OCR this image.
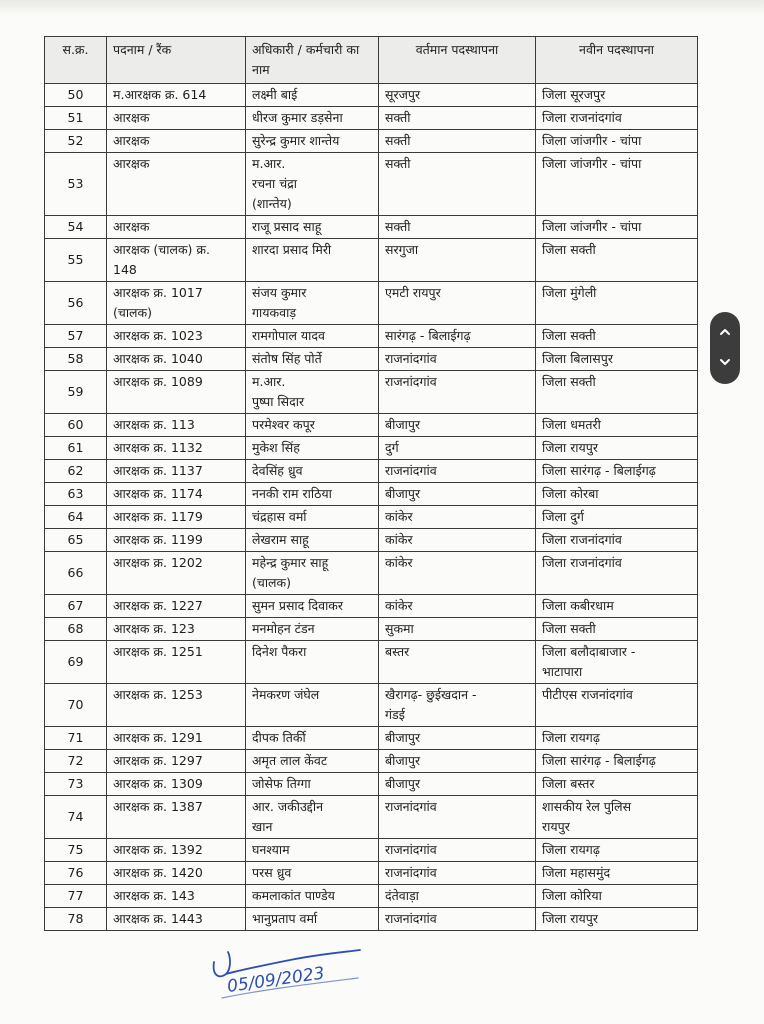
स.क्र.	पदनाम / रैंक	अधिकारी / कर्मचारी का नाम	वर्तमान पदस्थापना	नवीन पदस्थापना
50	म.आरक्षक क्र. 614	लक्ष्मी बाई	सूरजपुर	जिला सूरजपुर
51	आरक्षक	धीरज कुमार डड़सेना	सक्ती	जिला राजनांदगांव
52	आरक्षक	सुरेन्द्र कुमार शान्तेय	सक्ती	जिला जांजगीर - चांपा
53	आरक्षक	म.आर.
रचना चंद्रा
(शान्तेय)	सक्ती	जिला जांजगीर - चांपा
54	आरक्षक	राजू प्रसाद साहू	सक्ती	जिला जांजगीर - चांपा
55	आरक्षक (चालक) क्र.
148	शारदा प्रसाद मिरी	सरगुजा	जिला सक्ती
56	आरक्षक क्र. 1017
(चालक)	संजय कुमार
गायकवाड़	एमटी रायपुर	जिला मुंगेली
57	आरक्षक क्र. 1023	रामगोपाल यादव	सारंगढ़ - बिलाईगढ़	जिला सक्ती
58	आरक्षक क्र. 1040	संतोष सिंह पोर्ते	राजनांदगांव	जिला बिलासपुर
59	आरक्षक क्र. 1089	म.आर.
पुष्पा सिदार	राजनांदगांव	जिला सक्ती
60	आरक्षक क्र. 113	परमेश्वर कपूर	बीजापुर	जिला धमतरी
61	आरक्षक क्र. 1132	मुकेश सिंह	दुर्ग	जिला रायपुर
62	आरक्षक क्र. 1137	देवसिंह ध्रुव	राजनांदगांव	जिला सारंगढ़ - बिलाईगढ़
63	आरक्षक क्र. 1174	ननकी राम राठिया	बीजापुर	जिला कोरबा
64	आरक्षक क्र. 1179	चंद्रहास वर्मा	कांकेर	जिला दुर्ग
65	आरक्षक क्र. 1199	लेखराम साहू	कांकेर	जिला राजनांदगांव
66	आरक्षक क्र. 1202	महेन्द्र कुमार साहू
(चालक)	कांकेर	जिला राजनांदगांव
67	आरक्षक क्र. 1227	सुमन प्रसाद दिवाकर	कांकेर	जिला कबीरधाम
68	आरक्षक क्र. 123	मनमोहन टंडन	सुकमा	जिला सक्ती
69	आरक्षक क्र. 1251	दिनेश पैकरा	बस्तर	जिला बलौदाबाजार -
भाटापारा
70	आरक्षक क्र. 1253	नेमकरण जंघेल	खैरागढ़- छुईखदान -
गंडई	पीटीएस राजनांदगांव
71	आरक्षक क्र. 1291	दीपक तिर्की	बीजापुर	जिला रायगढ़
72	आरक्षक क्र. 1297	अमृत लाल केंवट	बीजापुर	जिला सारंगढ़ - बिलाईगढ़
73	आरक्षक क्र. 1309	जोसेफ तिग्गा	बीजापुर	जिला बस्तर
74	आरक्षक क्र. 1387	आर. जकीउद्दीन
खान	राजनांदगांव	शासकीय रेल पुलिस
रायपुर
75	आरक्षक क्र. 1392	घनश्याम	राजनांदगांव	जिला रायगढ़
76	आरक्षक क्र. 1420	परस ध्रुव	राजनांदगांव	जिला महासमुंद
77	आरक्षक क्र. 143	कमलाकांत पाण्डेय	दंतेवाड़ा	जिला कोरिया
78	आरक्षक क्र. 1443	भानुप्रताप वर्मा	राजनांदगांव	जिला रायपुर
05/09/2023
